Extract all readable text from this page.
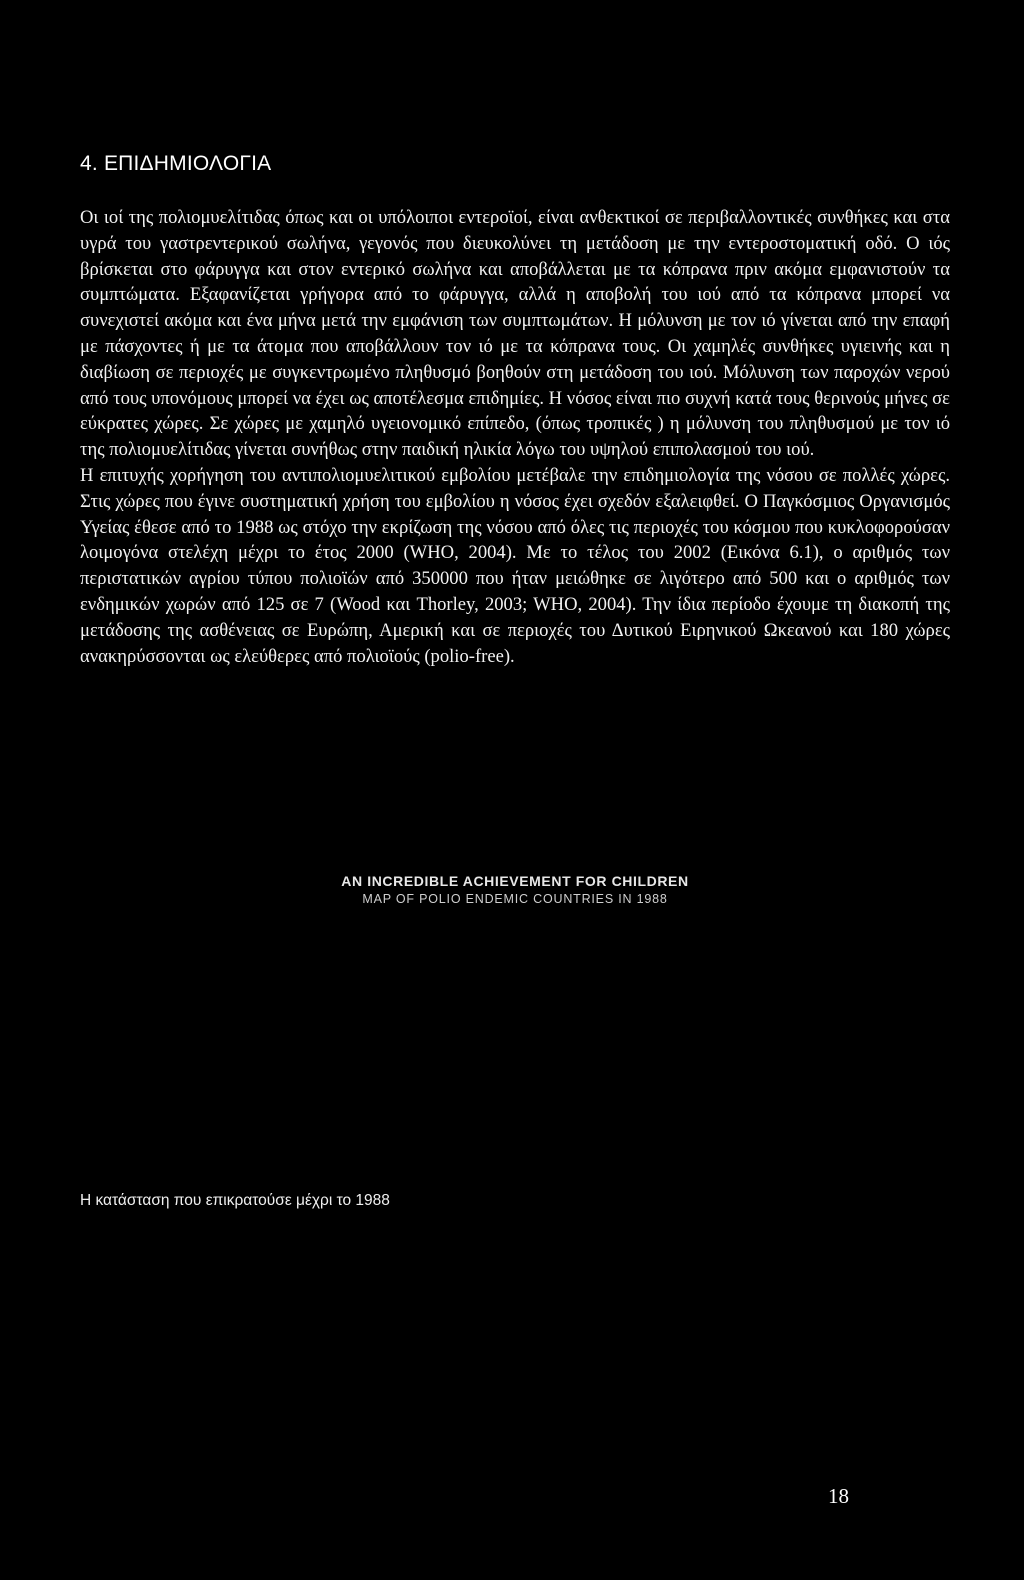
4. ΕΠΙΔΗΜΙΟΛΟΓΙΑ

Οι ιοί της πολιομυελίτιδας όπως και οι υπόλοιποι εντεροϊοί, είναι ανθεκτικοί σε περιβαλλοντικές συνθήκες και στα υγρά του γαστρεντερικού σωλήνα, γεγονός που διευκολύνει τη μετάδοση με την εντεροστοματική οδό. Ο ιός βρίσκεται στο φάρυγγα και στον εντερικό σωλήνα και αποβάλλεται με τα κόπρανα πριν ακόμα εμφανιστούν τα συμπτώματα. Εξαφανίζεται γρήγορα από το φάρυγγα, αλλά η αποβολή του ιού από τα κόπρανα μπορεί να συνεχιστεί ακόμα και ένα μήνα μετά την εμφάνιση των συμπτωμάτων. Η μόλυνση με τον ιό γίνεται από την επαφή με πάσχοντες ή με τα άτομα που αποβάλλουν τον ιό με τα κόπρανα τους. Οι χαμηλές συνθήκες υγιεινής και η διαβίωση σε περιοχές με συγκεντρωμένο πληθυσμό βοηθούν στη μετάδοση του ιού. Μόλυνση των παροχών νερού από τους υπονόμους μπορεί να έχει ως αποτέλεσμα επιδημίες. Η νόσος είναι πιο συχνή κατά τους θερινούς μήνες σε εύκρατες χώρες. Σε χώρες με χαμηλό υγειονομικό επίπεδο, (όπως τροπικές ) η μόλυνση του πληθυσμού με τον ιό της πολιομυελίτιδας γίνεται συνήθως στην παιδική ηλικία λόγω του υψηλού επιπολασμού του ιού.

Η επιτυχής χορήγηση του αντιπολιομυελιτικού εμβολίου μετέβαλε την επιδημιολογία της νόσου σε πολλές χώρες. Στις χώρες που έγινε συστηματική χρήση του εμβολίου η νόσος έχει σχεδόν εξαλειφθεί. Ο Παγκόσμιος Οργανισμός Υγείας έθεσε από το 1988 ως στόχο την εκρίζωση της νόσου από όλες τις περιοχές του κόσμου που κυκλοφορούσαν λοιμογόνα στελέχη μέχρι το έτος 2000 (WHO, 2004). Με το τέλος του 2002 (Εικόνα 6.1), ο αριθμός των περιστατικών αγρίου τύπου πολιοϊών από 350000 που ήταν μειώθηκε σε λιγότερο από 500 και ο αριθμός των ενδημικών χωρών από 125 σε 7 (Wood και Thorley, 2003; WHO, 2004). Την ίδια περίοδο έχουμε τη διακοπή της μετάδοσης της ασθένειας σε Ευρώπη, Αμερική και σε περιοχές του Δυτικού Ειρηνικού Ωκεανού και 180 χώρες ανακηρύσσονται ως ελεύθερες από πολιοϊούς (polio-free).

AN INCREDIBLE ACHIEVEMENT FOR CHILDREN

MAP OF POLIO ENDEMIC COUNTRIES IN 1988

Η κατάσταση που επικρατούσε μέχρι το 1988

18
